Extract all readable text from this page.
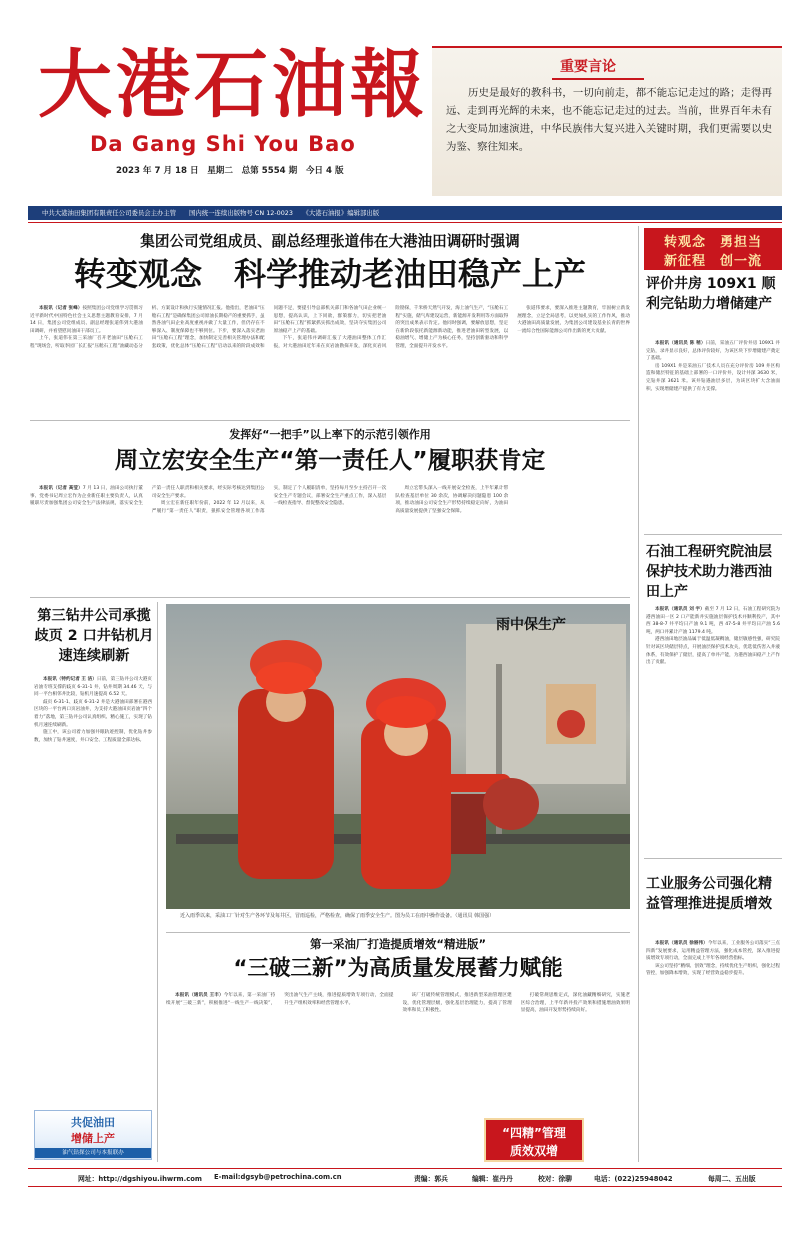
大港石油報
Da Gang Shi You Bao
2023 年 7 月 18 日　星期二　总第 5554 期　今日 4 版
重要言论
历史是最好的教科书，一切向前走，都不能忘记走过的路；走得再远、走到再光辉的未来，也不能忘记走过的过去。当前，世界百年未有之大变局加速演进，中华民族伟大复兴进入关键时期，我们更需要以史为鉴、察往知来。
中共大港油田集团有限责任公司委员会主办主管　　国内统一连续出版物号 CN 12-0023　　《大港石油报》编辑部出版
集团公司党组成员、副总经理张道伟在大港油田调研时强调
转变观念　科学推动老油田稳产上产

本报讯（记者 张峰）按照集团公司党组学习贯彻习近平新时代中国特色社会主义思想主题教育安排，7 月 14 日，集团公司党组成员、副总经理张道伟到大港油田调研，并看望慰问油田干部员工。

上午，张道伟在第三采油厂召开老油田“压舱石工程”现场会，听取李园厂长汇报“压舱石工程”油藏动态分析、方案设计和执行实施情况汇报。他指出，老油田“压舱石工程”是确保集团公司原油长期稳产的重要抓手，虽然各油气田企业高度重视并做了大量工作，但仍存在不够深入、制度保障也不够到位。下步，要深入落实老油田“压舱石工程”理念，加快制定完善相关管理办法和配套政策，优化总体“压舱石工程”启动以来的阶段成效和问题不足，要提引导总部机关部门和各油气田企业统一思想，提高认识，上下同欲，群策群力，切实把老油田“压舱石工程”抓紧抓实抓出成效，坚决夺实集团公司原油稳产上产的基础。

下午，张道伟并调研汇报了大港油田整体工作汇报，对大港油田近年来在页岩油勘探开发，深化页岩风险勘探，千米桥天然气开发，海上油气生产，“压舱石工程”实施，储气库建设运营，新能源开发利用等方面取得的突出成果表示肯定。他同时强调，要解放思想，坚定在新阶段依托新能源新动能，推进老油田转型发展，以稳油增气、增储上产为核心任务，坚持创新驱动和科学管理，全面提升开发水平。

张道伟要求，要深入推进主题教育，牢固树立新发展理念，立足全局思考，以更加扎实的工作作风，推动大港油田高质量发展，为集团公司建设基业长青的世界一流综合性国际能源公司作出新的更大贡献。

发挥好“一把手”以上率下的示范引领作用
周立宏安全生产“第一责任人”履职获肯定

本报讯（记者 高莹）7 月 13 日，油田公司执行董事、党委书记周立宏作为企业新任职主要负责人，认真履职尽责加强集团公司安全生产法律法规，落实安全生产第一责任人职责和相关要求，经实际考核达到集团公司安全生产要求。

周立宏在新任职年份前，2022 年 12 月以来，从严履行“第一责任人”职责，狠抓安全管理各项工作落实，制定了个人履职清单，坚持每月至少主持召开一次安全生产专题会议，部署安全生产重点工作，深入基层一线检查指导、督促整改安全隐患。

周立宏带头深入一线开展安全检查，上半年累计带队检查基层单位 30 余次，协调解决问题隐患 100 余项，推动油田公司安全生产形势持续稳定向好，为油田高质量发展提供了坚强安全保障。

第三钻井公司承揽歧页 2 口井钻机月速连续刷新

本报讯（特约记者 王 洁）日前，第三钻井公司大港页岩油专班支撑的歧页 6-31-1 井，钻井周期 34.46 天，与同一平台相邻井比较，钻机月速提高 6.52 天。

歧页 6-31-1、歧页 6-31-2 井是大港油田部署在港西区块的一平台两口页岩油井，为支持大港油田页岩油“四个着力”落地，第三钻井公司认真组织、精心施工，实现了钻机月速连续刷新。

施工中，该公司着力加强井眼轨迹控制，优化钻井参数，加快了钻井速度，井口安全、工程质量全部达标。

共促油田
增储上产
油气钻探公司与本报联办
雨中保生产
近入雨季以来，采油工厂针对生产各环节及每井区，冒雨巡检，严格检查，确保了雨季安全生产。图为员工在雨中操作设备。（通讯员 韩国强）
第一采油厂打造提质增效“精进版”
“三破三新”为高质量发展蓄力赋能

本报讯（通讯员 王丰）今年以来，第一采油厂持续开展“三破三新”，积极推进“一线生产一线决策”，突出油气生产主线，推进提质增效专项行动，全面提升生产组织效率和经营管理水平。

该厂打破传统管理模式，推进新型采油管理区建设，优化管理层级，强化基层治理能力，提高了管理效率和员工积极性。

打破常规思维定式，深化油藏精细研究，实施老区综合治理，上半年新井投产效果和措施增油效果明显提高，油田开发形势持续向好。

“四精”管理
质效双增
转观念　勇担当
新征程　创一流
评价井房 109X1 顺利完钻助力增储建产

本报讯（通讯员 陈 稍）日前，采油五厂评价井房 109X1 井完钻，录井显示良好，总体评价较好，为该区块下步增储建产奠定了基础。

房 109X1 井是采油五厂技术人员在充分评价房 109 井区构造和储层特征的基础上部署的一口评价井，设计井深 3630 米，完钻井深 3621 米。该井钻遇油层多层，为该区块扩大含油面积、实现增储建产提供了有力支撑。

石油工程研究院油层保护技术助力港西油田上产

本报讯（通讯员 刘 宇）截至 7 月 12 日，石油工程研究院为港西油田一区 2 口产能新井实施油层保护技术并顺利投产，其中西 38-8-7 井平均日产油 9.1 吨，西 47-5-8 井平均日产油 5.6 吨，两口井累计产油 1179.4 吨。

港西油田地层油品属于低温低凝稠油，储层敏感性强，研究院针对该区块储层特点，开展油层保护技术攻关，优选低伤害入井液体系，有效保护了储层，提高了单井产能，为港西油田稳产上产作出了贡献。

工业服务公司强化精益管理推进提质增效

本报讯（通讯员 徐丽伟）今年以来，工业服务公司落实“三点四新”发展要求，运用精益管理方法，强化成本管控，深入推进提质增效专项行动，全面完成上半年各项经营指标。

该公司坚持“精细、创效”理念，持续优化生产组织，强化过程管控，加强降本增效，实现了经营效益稳步提升。

网址：http://dgshiyou.ihwrm.com E-mail:dgsyb@petrochina.com.cn	责编：郭兵	编辑：崔丹丹	校对：徐聊	电话：(022)25948042	每周二、五出版
